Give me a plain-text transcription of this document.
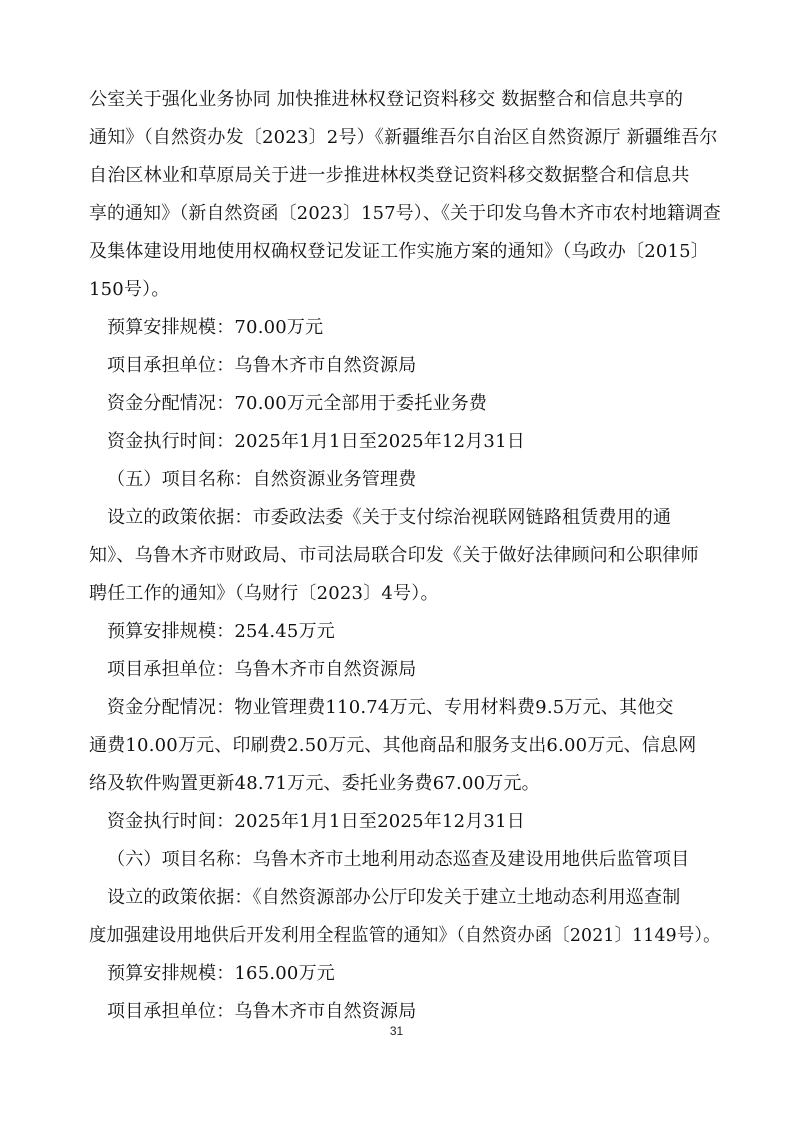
公室关于强化业务协同 加快推进林权登记资料移交 数据整合和信息共享的
通知》（自然资办发〔2023〕2号）《新疆维吾尔自治区自然资源厅 新疆维吾尔
自治区林业和草原局关于进一步推进林权类登记资料移交数据整合和信息共
享的通知》（新自然资函〔2023〕157号）、《关于印发乌鲁木齐市农村地籍调查
及集体建设用地使用权确权登记发证工作实施方案的通知》（乌政办〔2015〕
150号）。
预算安排规模：70.00万元
项目承担单位：乌鲁木齐市自然资源局
资金分配情况：70.00万元全部用于委托业务费
资金执行时间：2025年1月1日至2025年12月31日
（五）项目名称：自然资源业务管理费
设立的政策依据：市委政法委《关于支付综治视联网链路租赁费用的通
知》、乌鲁木齐市财政局、市司法局联合印发《关于做好法律顾问和公职律师
聘任工作的通知》（乌财行〔2023〕4号）。
预算安排规模：254.45万元
项目承担单位：乌鲁木齐市自然资源局
资金分配情况：物业管理费110.74万元、专用材料费9.5万元、其他交
通费10.00万元、印刷费2.50万元、其他商品和服务支出6.00万元、信息网
络及软件购置更新48.71万元、委托业务费67.00万元。
资金执行时间：2025年1月1日至2025年12月31日
（六）项目名称：乌鲁木齐市土地利用动态巡查及建设用地供后监管项目
设立的政策依据：《自然资源部办公厅印发关于建立土地动态利用巡查制
度加强建设用地供后开发利用全程监管的通知》（自然资办函〔2021〕1149号）。
预算安排规模：165.00万元
项目承担单位：乌鲁木齐市自然资源局
31
